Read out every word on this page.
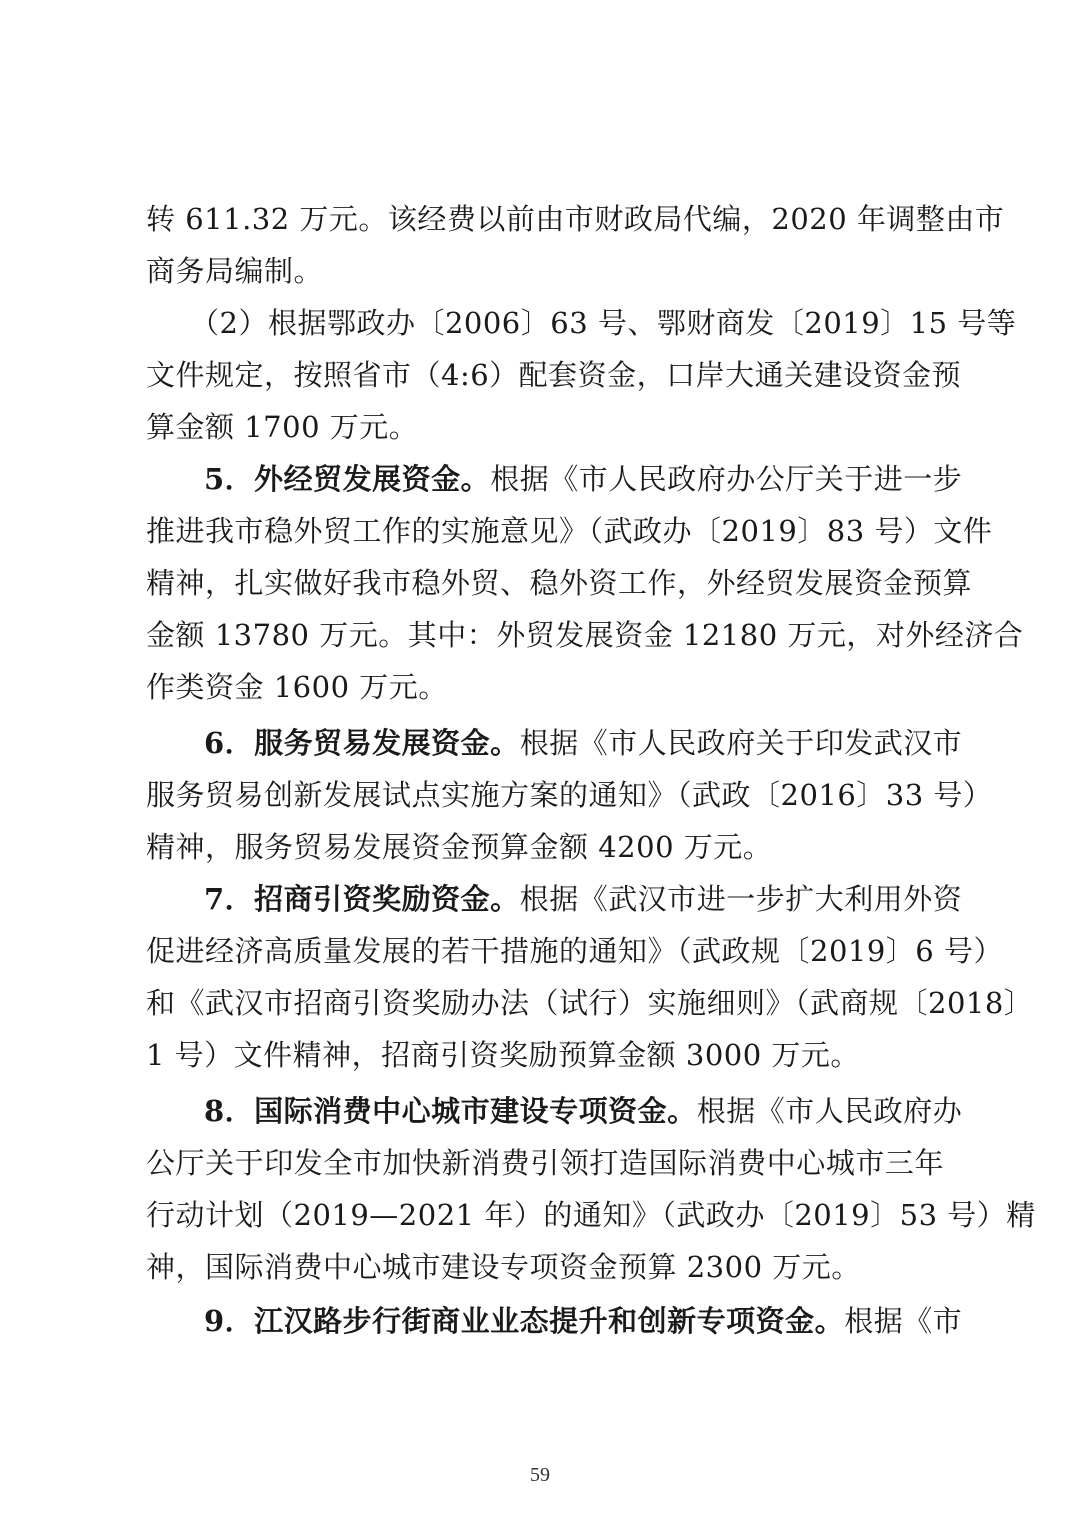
转 611.32 万元。该经费以前由市财政局代编，2020 年调整由市
商务局编制。
（2）根据鄂政办〔2006〕63 号、鄂财商发〔2019〕15 号等
文件规定，按照省市（4:6）配套资金，口岸大通关建设资金预
算金额 1700 万元。
5．外经贸发展资金。根据《市人民政府办公厅关于进一步
推进我市稳外贸工作的实施意见》（武政办〔2019〕83 号）文件
精神，扎实做好我市稳外贸、稳外资工作，外经贸发展资金预算
金额 13780 万元。其中：外贸发展资金 12180 万元，对外经济合
作类资金 1600 万元。
6．服务贸易发展资金。根据《市人民政府关于印发武汉市
服务贸易创新发展试点实施方案的通知》（武政〔2016〕33 号）
精神，服务贸易发展资金预算金额 4200 万元。
7．招商引资奖励资金。根据《武汉市进一步扩大利用外资
促进经济高质量发展的若干措施的通知》（武政规〔2019〕6 号）
和《武汉市招商引资奖励办法（试行）实施细则》（武商规〔2018〕
1 号）文件精神，招商引资奖励预算金额 3000 万元。
8．国际消费中心城市建设专项资金。根据《市人民政府办
公厅关于印发全市加快新消费引领打造国际消费中心城市三年
行动计划（2019—2021 年）的通知》（武政办〔2019〕53 号）精
神，国际消费中心城市建设专项资金预算 2300 万元。
9．江汉路步行街商业业态提升和创新专项资金。根据《市
59
